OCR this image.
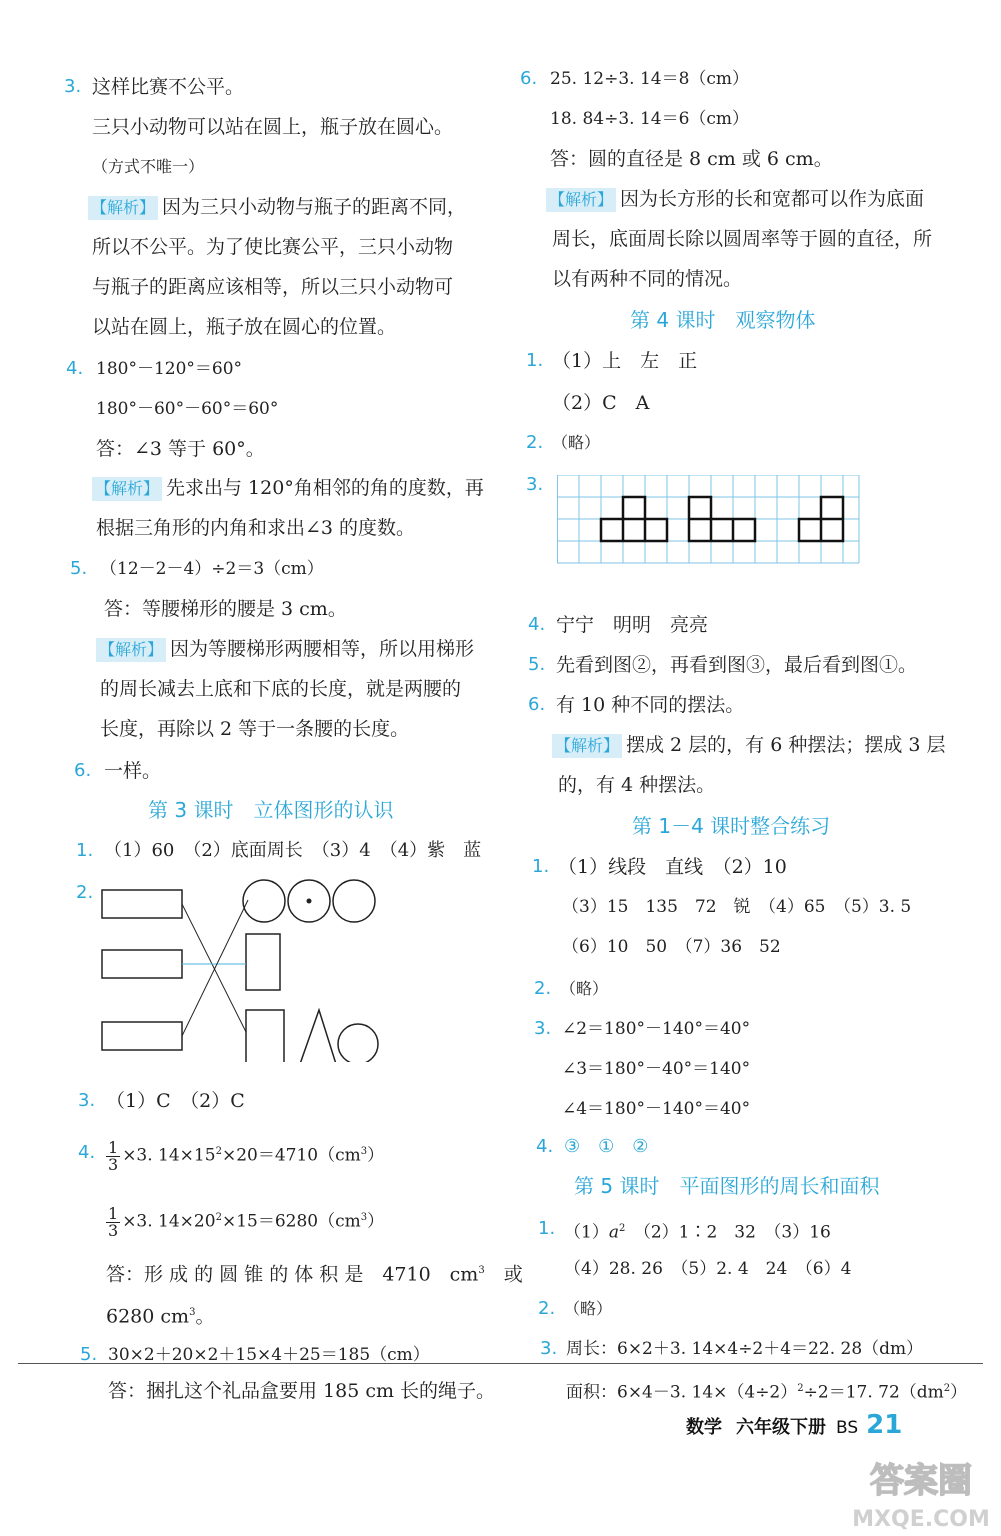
3. 这样比赛不公平。
三只小动物可以站在圆上，瓶子放在圆心。
（方式不唯一）
【解析】 因为三只小动物与瓶子的距离不同，
所以不公平。为了使比赛公平，三只小动物
与瓶子的距离应该相等，所以三只小动物可
以站在圆上，瓶子放在圆心的位置。
4. 180°－120°＝60°
180°－60°－60°＝60°
答：∠3 等于 60°。
【解析】 先求出与 120°角相邻的角的度数，再
根据三角形的内角和求出∠3 的度数。
5. （12－2－4）÷2＝3（cm）
答：等腰梯形的腰是 3 cm。
【解析】 因为等腰梯形两腰相等，所以用梯形
的周长减去上底和下底的长度，就是两腰的
长度，再除以 2 等于一条腰的长度。
6. 一样。
第 3 课时　立体图形的认识
1. （1）60　（2）底面周长　（3）4　（4）紫　蓝
2.
3. （1）C　（2）C
4. $\frac{1}{3} \times 3$. $14\times 15^2\times 20=4710(cm^3)$
$\frac{1}{3} \times 3$. $14\times 20^2\times 15=6280(cm^3)$
答：形 成 的 圆 锥 的 体 积 是　4710　$cm^3$　或
6280 $cm^3$。
5. 30×2＋20×2＋15×4＋25＝185（cm）
答：捆扎这个礼品盒要用 185 cm 长的绳子。
6. 25. 12÷3. 14＝8（cm）
18. 84÷3. 14＝6（cm）
答：圆的直径是 8 cm 或 6 cm。
【解析】 因为长方形的长和宽都可以作为底面
周长，底面周长除以圆周率等于圆的直径，所
以有两种不同的情况。
第 4 课时　观察物体
1. （1）上　左　正
（2）C　A
2. （略）
3.
4. 宁宁　明明　亮亮
5. 先看到图②，再看到图③，最后看到图①。
6. 有 10 种不同的摆法。
【解析】 摆成 2 层的，有 6 种摆法；摆成 3 层
的，有 4 种摆法。
第 1－4 课时整合练习
1. （1）线段　直线　（2）10
（3）15　135　72　锐　（4）65　（5）3. 5
（6）10　50　（7）36　52
2. （略）
3. ∠2＝180°－140°＝40°
∠3＝180°－40°＝140°
∠4＝180°－140°＝40°
4. ③　①　②
第 5 课时　平面图形的周长和面积
1. $(1)a^2$　（2）1∶2　32　（3）16
（4）28. 26　（5）2. 4　24　（6）4
2. （略）
3. 周长：6×2＋3. 14×4÷2＋4＝22. 28（dm）
面积：6×4－3. $14\times(4\div 2)^2\div 2=17$. $72(dm^2)$
数学 六年级下册 BS 21
答案圈
MXQE.COM
